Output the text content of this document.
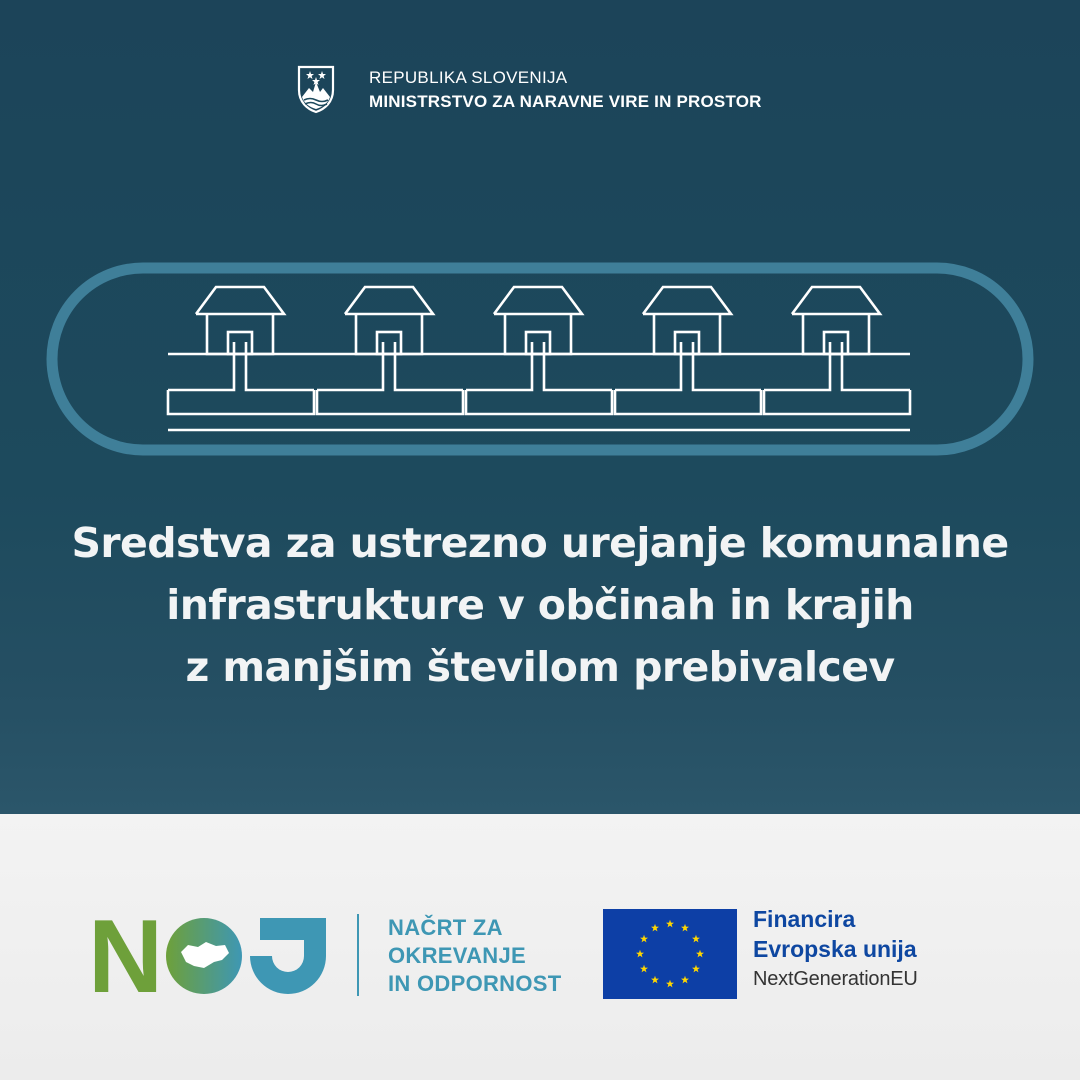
REPUBLIKA SLOVENIJA
MINISTRSTVO ZA NARAVNE VIRE IN PROSTOR
Sredstva za ustrezno urejanje komunalne
infrastrukture v občinah in krajih
z manjšim številom prebivalcev
N	NAČRT ZA
OKREVANJE
IN ODPORNOST
Financira
Evropska unija
NextGenerationEU
